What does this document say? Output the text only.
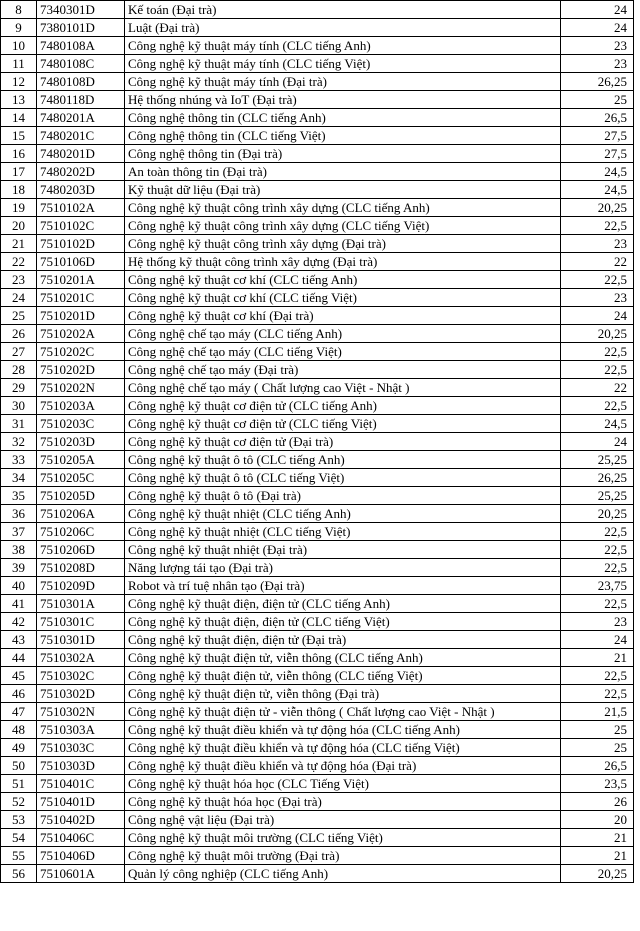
8	7340301D	Kế toán (Đại trà)	24
9	7380101D	Luật (Đại trà)	24
10	7480108A	Công nghệ kỹ thuật máy tính (CLC tiếng Anh)	23
11	7480108C	Công nghệ kỹ thuật máy tính (CLC tiếng Việt)	23
12	7480108D	Công nghệ kỹ thuật máy tính (Đại trà)	26,25
13	7480118D	Hệ thống nhúng và IoT (Đại trà)	25
14	7480201A	Công nghệ thông tin (CLC tiếng Anh)	26,5
15	7480201C	Công nghệ thông tin (CLC tiếng Việt)	27,5
16	7480201D	Công nghệ thông tin (Đại trà)	27,5
17	7480202D	An toàn thông tin (Đại trà)	24,5
18	7480203D	Kỹ thuật dữ liệu (Đại trà)	24,5
19	7510102A	Công nghệ kỹ thuật công trình xây dựng (CLC tiếng Anh)	20,25
20	7510102C	Công nghệ kỹ thuật công trình xây dựng (CLC tiếng Việt)	22,5
21	7510102D	Công nghệ kỹ thuật công trình xây dựng (Đại trà)	23
22	7510106D	Hệ thống kỹ thuật công trình xây dựng (Đại trà)	22
23	7510201A	Công nghệ kỹ thuật cơ khí (CLC tiếng Anh)	22,5
24	7510201C	Công nghệ kỹ thuật cơ khí (CLC tiếng Việt)	23
25	7510201D	Công nghệ kỹ thuật cơ khí (Đại trà)	24
26	7510202A	Công nghệ chế tạo máy (CLC tiếng Anh)	20,25
27	7510202C	Công nghệ chế tạo máy (CLC tiếng Việt)	22,5
28	7510202D	Công nghệ chế tạo máy (Đại trà)	22,5
29	7510202N	Công nghệ chế tạo máy ( Chất lượng cao Việt - Nhật )	22
30	7510203A	Công nghệ kỹ thuật cơ điện tử (CLC tiếng Anh)	22,5
31	7510203C	Công nghệ kỹ thuật cơ điện tử (CLC tiếng Việt)	24,5
32	7510203D	Công nghệ kỹ thuật cơ điện tử (Đại trà)	24
33	7510205A	Công nghệ kỹ thuật ô tô (CLC tiếng Anh)	25,25
34	7510205C	Công nghệ kỹ thuật ô tô (CLC tiếng Việt)	26,25
35	7510205D	Công nghệ kỹ thuật ô tô (Đại trà)	25,25
36	7510206A	Công nghệ kỹ thuật nhiệt (CLC tiếng Anh)	20,25
37	7510206C	Công nghệ kỹ thuật nhiệt (CLC tiếng Việt)	22,5
38	7510206D	Công nghệ kỹ thuật nhiệt (Đại trà)	22,5
39	7510208D	Năng lượng tái tạo (Đại trà)	22,5
40	7510209D	Robot và trí tuệ nhân tạo (Đại trà)	23,75
41	7510301A	Công nghệ kỹ thuật điện, điện tử (CLC tiếng Anh)	22,5
42	7510301C	Công nghệ kỹ thuật điện, điện tử (CLC tiếng Việt)	23
43	7510301D	Công nghệ kỹ thuật điện, điện tử (Đại trà)	24
44	7510302A	Công nghệ kỹ thuật điện tử, viễn thông (CLC tiếng Anh)	21
45	7510302C	Công nghệ kỹ thuật điện tử, viễn thông (CLC tiếng Việt)	22,5
46	7510302D	Công nghệ kỹ thuật điện tử, viễn thông (Đại trà)	22,5
47	7510302N	Công nghệ kỹ thuật điện tử - viễn thông ( Chất lượng cao Việt - Nhật )	21,5
48	7510303A	Công nghệ kỹ thuật điều khiển và tự động hóa (CLC tiếng Anh)	25
49	7510303C	Công nghệ kỹ thuật điều khiển và tự động hóa (CLC tiếng Việt)	25
50	7510303D	Công nghệ kỹ thuật điều khiển và tự động hóa (Đại trà)	26,5
51	7510401C	Công nghệ kỹ thuật hóa học (CLC Tiếng Việt)	23,5
52	7510401D	Công nghệ kỹ thuật hóa học (Đại trà)	26
53	7510402D	Công nghệ vật liệu (Đại trà)	20
54	7510406C	Công nghệ kỹ thuật môi trường (CLC tiếng Việt)	21
55	7510406D	Công nghệ kỹ thuật môi trường (Đại trà)	21
56	7510601A	Quản lý công nghiệp (CLC tiếng Anh)	20,25
